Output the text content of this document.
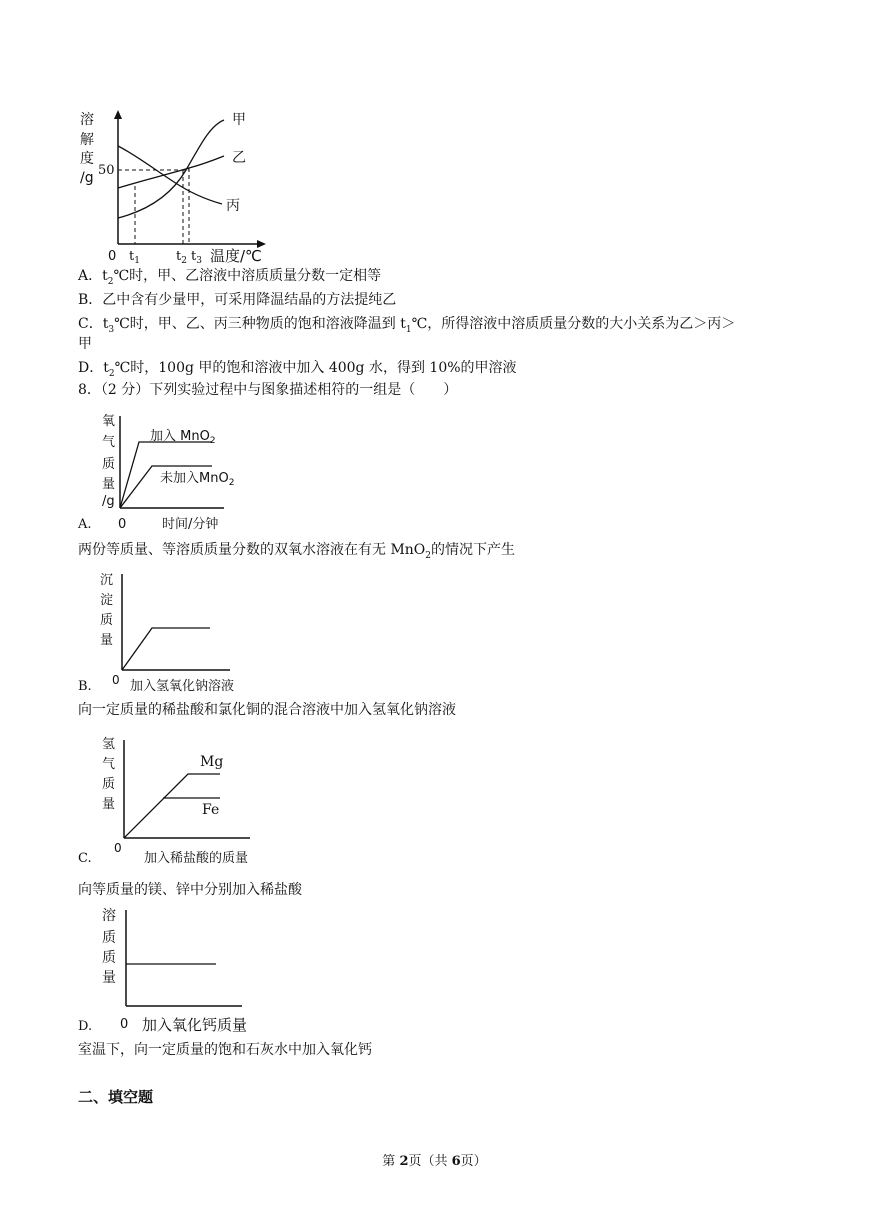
溶
解
度
/g 50
甲
乙
丙
0 $t_1$	$t_2$ $t_3$ 温度/℃
A．$t_2℃$时，甲、乙溶液中溶质质量分数一定相等
B．乙中含有少量甲，可采用降温结晶的方法提纯乙
C．$t_3℃$时，甲、乙、丙三种物质的饱和溶液降温到 $t_1℃$，所得溶液中溶质质量分数的大小关系为乙＞丙＞
甲
D．$t_2℃$时，100g 甲的饱和溶液中加入 400g 水，得到 10%的甲溶液
8．（2 分）下列实验过程中与图象描述相符的一组是（　　）
A.
氧
气
质
量
/g
加入 MnO$_2$
未加入MnO$_2$
0	时间/分钟
两份等质量、等溶质质量分数的双氧水溶液在有无 MnO$_2$的情况下产生
B.
沉
淀
质
量
0 加入氢氧化钠溶液
向一定质量的稀盐酸和氯化铜的混合溶液中加入氢氧化钠溶液
C.
氢
气
质
量
Mg
Fe
0
加入稀盐酸的质量
向等质量的镁、锌中分别加入稀盐酸
D.
溶
质
质
量
0 加入氧化钙质量
室温下，向一定质量的饱和石灰水中加入氧化钙
二、填空题
第 2页（共 6页）
